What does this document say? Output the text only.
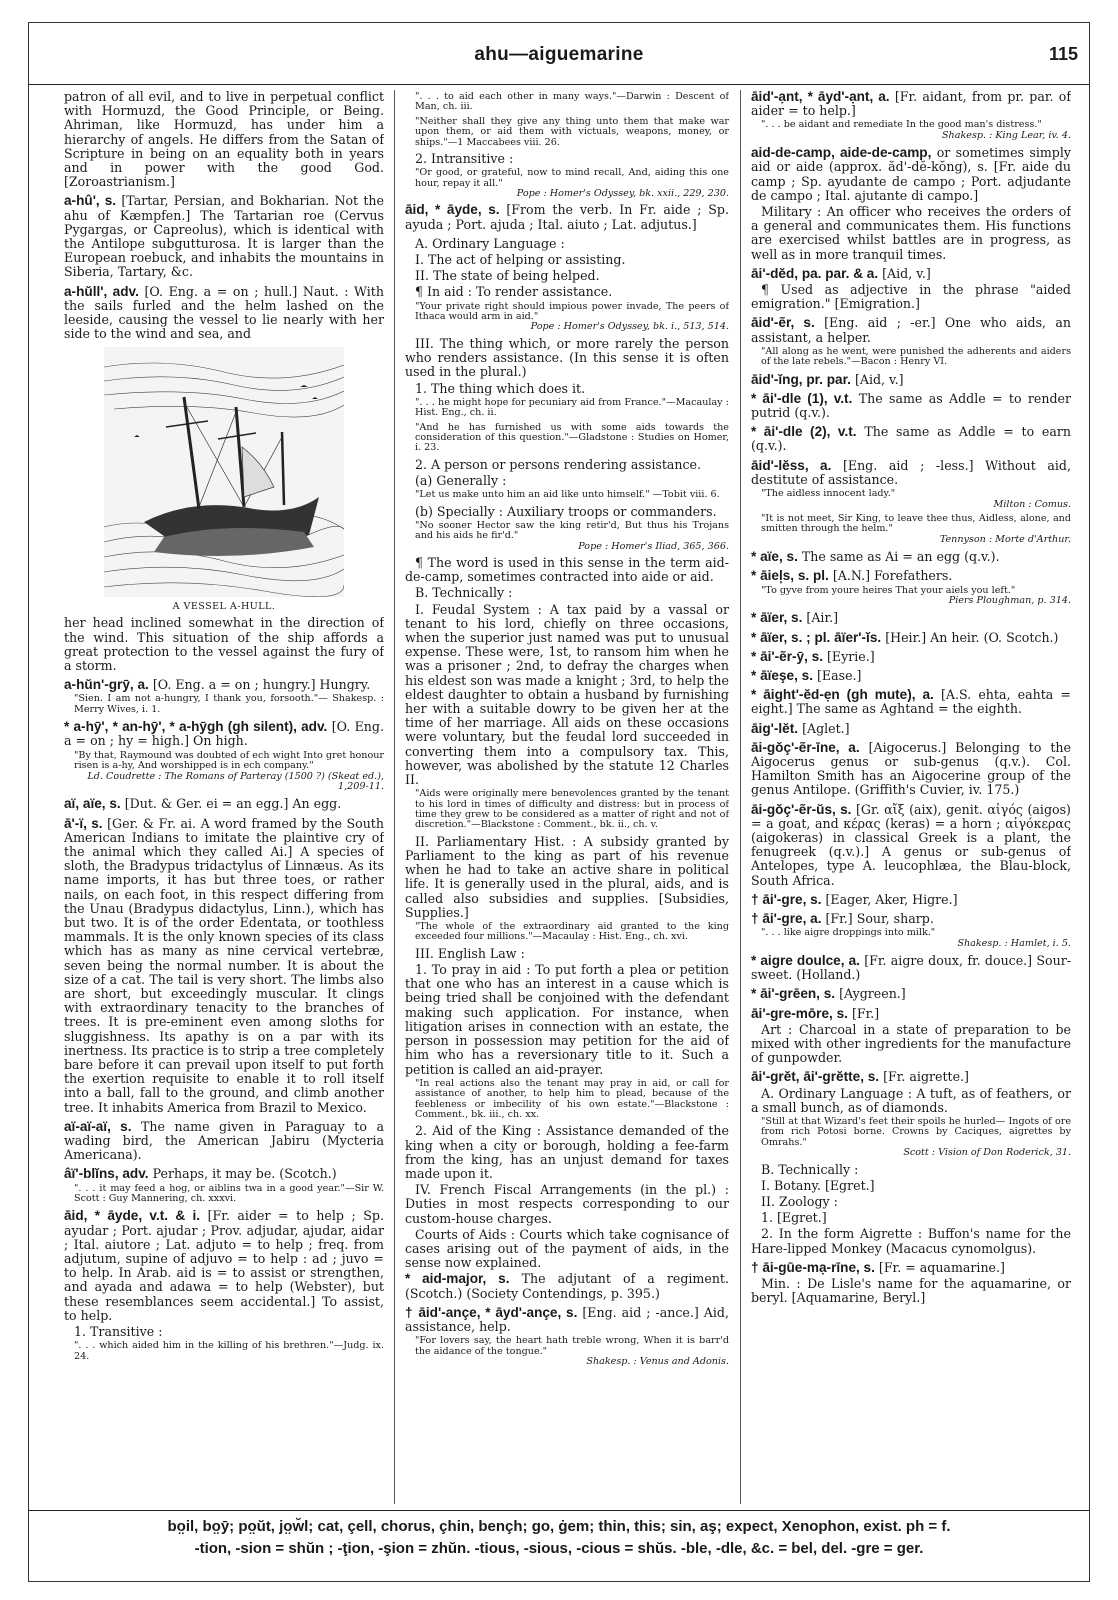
ahu—aiguemarine	115

patron of all evil, and to live in perpetual conflict with Hormuzd, the Good Principle, or Being. Ahriman, like Hormuzd, has under him a hierarchy of angels. He differs from the Satan of Scripture in being on an equality both in years and in power with the good God. [Zoroastrianism.]

a-hû', s. [Tartar, Persian, and Bokharian. Not the ahu of Kæmpfen.] The Tartarian roe (Cervus Pygargas, or Capreolus), which is identical with the Antilope subgutturosa. It is larger than the European roebuck, and inhabits the mountains in Siberia, Tartary, &c.
a-hŭll', adv. [O. Eng. a = on ; hull.] Naut. : With the sails furled and the helm lashed on the leeside, causing the vessel to lie nearly with her side to the wind and sea, and
A VESSEL A-HULL.

her head inclined somewhat in the direction of the wind. This situation of the ship affords a great protection to the vessel against the fury of a storm.

a-hŭn'-grȳ, a. [O. Eng. a = on ; hungry.] Hungry.
"Sien. I am not a-hungry, I thank you, forsooth."— Shakesp. : Merry Wives, i. 1.
* a-hȳ', * an-hȳ', * a-hȳgh (gh silent), adv. [O. Eng. a = on ; hy = high.] On high.
"By that, Raymound was doubted of ech wight Into gret honour risen is a-hy, And worshipped is in ech company."
Ld. Coudrette : The Romans of Parteray (1500 ?) (Skeat ed.), 1,209-11.
aï, aïe, s. [Dut. & Ger. ei = an egg.] An egg.
ā'-ï, s. [Ger. & Fr. ai. A word framed by the South American Indians to imitate the plaintive cry of the animal which they called Ai.] A species of sloth, the Bradypus tridactylus of Linnæus. As its name imports, it has but three toes, or rather nails, on each foot, in this respect differing from the Unau (Bradypus didactylus, Linn.), which has but two. It is of the order Edentata, or toothless mammals. It is the only known species of its class which has as many as nine cervical vertebræ, seven being the normal number. It is about the size of a cat. The tail is very short. The limbs also are short, but exceedingly muscular. It clings with extraordinary tenacity to the branches of trees. It is pre-eminent even among sloths for sluggishness. Its apathy is on a par with its inertness. Its practice is to strip a tree completely bare before it can prevail upon itself to put forth the exertion requisite to enable it to roll itself into a ball, fall to the ground, and climb another tree. It inhabits America from Brazil to Mexico.
aï-aï-aï, s. The name given in Paraguay to a wading bird, the American Jabiru (Mycteria Americana).
âï'-blĭns, adv. Perhaps, it may be. (Scotch.)
". . . it may feed a hog, or aiblins twa in a good year."—Sir W. Scott : Guy Mannering, ch. xxxvi.
āid, * āyde, v.t. & i. [Fr. aider = to help ; Sp. ayudar ; Port. ajudar ; Prov. adjudar, ajudar, aidar ; Ital. aiutore ; Lat. adjuto = to help ; freq. from adjutum, supine of adjuvo = to help : ad ; juvo = to help. In Arab. aid is = to assist or strengthen, and ayada and adawa = to help (Webster), but these resemblances seem accidental.] To assist, to help.
1. Transitive :
". . . which aided him in the killing of his brethren."—Judg. ix. 24.
". . . to aid each other in many ways."—Darwin : Descent of Man, ch. iii.
"Neither shall they give any thing unto them that make war upon them, or aid them with victuals, weapons, money, or ships."—1 Maccabees viii. 26.
2. Intransitive :
"Or good, or grateful, now to mind recall, And, aiding this one hour, repay it all."
Pope : Homer's Odyssey, bk. xxii., 229, 230.
āid, * āyde, s. [From the verb. In Fr. aide ; Sp. ayuda ; Port. ajuda ; Ital. aiuto ; Lat. adjutus.]
A. Ordinary Language :
I. The act of helping or assisting.
II. The state of being helped.
¶ In aid : To render assistance.
"Your private right should impious power invade, The peers of Ithaca would arm in aid."
Pope : Homer's Odyssey, bk. i., 513, 514.
III. The thing which, or more rarely the person who renders assistance. (In this sense it is often used in the plural.)
1. The thing which does it.
". . . he might hope for pecuniary aid from France."—Macaulay : Hist. Eng., ch. ii.
"And he has furnished us with some aids towards the consideration of this question."—Gladstone : Studies on Homer, i. 23.
2. A person or persons rendering assistance.
(a) Generally :
"Let us make unto him an aid like unto himself." —Tobit viii. 6.
(b) Specially : Auxiliary troops or commanders.
"No sooner Hector saw the king retir'd, But thus his Trojans and his aids he fir'd."
Pope : Homer's Iliad, 365, 366.
¶ The word is used in this sense in the term aid-de-camp, sometimes contracted into aide or aid.
B. Technically :
I. Feudal System : A tax paid by a vassal or tenant to his lord, chiefly on three occasions, when the superior just named was put to unusual expense. These were, 1st, to ransom him when he was a prisoner ; 2nd, to defray the charges when his eldest son was made a knight ; 3rd, to help the eldest daughter to obtain a husband by furnishing her with a suitable dowry to be given her at the time of her marriage. All aids on these occasions were voluntary, but the feudal lord succeeded in converting them into a compulsory tax. This, however, was abolished by the statute 12 Charles II.
"Aids were originally mere benevolences granted by the tenant to his lord in times of difficulty and distress: but in process of time they grew to be considered as a matter of right and not of discretion."—Blackstone : Comment., bk. ii., ch. v.
II. Parliamentary Hist. : A subsidy granted by Parliament to the king as part of his revenue when he had to take an active share in political life. It is generally used in the plural, aids, and is called also subsidies and supplies. [Subsidies, Supplies.]
"The whole of the extraordinary aid granted to the king exceeded four millions."—Macaulay : Hist. Eng., ch. xvi.
III. English Law :
1. To pray in aid : To put forth a plea or petition that one who has an interest in a cause which is being tried shall be conjoined with the defendant making such application. For instance, when litigation arises in connection with an estate, the person in possession may petition for the aid of him who has a reversionary title to it. Such a petition is called an aid-prayer.
"In real actions also the tenant may pray in aid, or call for assistance of another, to help him to plead, because of the feebleness or imbecility of his own estate."—Blackstone : Comment., bk. iii., ch. xx.
2. Aid of the King : Assistance demanded of the king when a city or borough, holding a fee-farm from the king, has an unjust demand for taxes made upon it.
IV. French Fiscal Arrangements (in the pl.) : Duties in most respects corresponding to our custom-house charges.
Courts of Aids : Courts which take cognisance of cases arising out of the payment of aids, in the sense now explained.
* aid-major, s. The adjutant of a regiment. (Scotch.) (Society Contendings, p. 395.)
† āid'-ançe, * āyd'-ançe, s. [Eng. aid ; -ance.] Aid, assistance, help.
"For lovers say, the heart hath treble wrong, When it is barr'd the aidance of the tongue."
Shakesp. : Venus and Adonis.
āid'-ạnt, * āyd'-ạnt, a. [Fr. aidant, from pr. par. of aider = to help.]
". . . be aidant and remediate In the good man's distress."
Shakesp. : King Lear, iv. 4.
aid-de-camp, aide-de-camp, or sometimes simply aid or aide (approx. ăd'-dĕ-kŏng), s. [Fr. aide du camp ; Sp. ayudante de campo ; Port. adjudante de campo ; Ital. ajutante di campo.]
Military : An officer who receives the orders of a general and communicates them. His functions are exercised whilst battles are in progress, as well as in more tranquil times.
āi'-dĕd, pa. par. & a. [Aid, v.]
¶ Used as adjective in the phrase "aided emigration." [Emigration.]
āid'-ẽr, s. [Eng. aid ; -er.] One who aids, an assistant, a helper.
"All along as he went, were punished the adherents and aiders of the late rebels."—Bacon : Henry VI.
āid'-ĭng, pr. par. [Aid, v.]
* āi'-dle (1), v.t. The same as Addle = to render putrid (q.v.).
* āi'-dle (2), v.t. The same as Addle = to earn (q.v.).
āid'-lĕss, a. [Eng. aid ; -less.] Without aid, destitute of assistance.
"The aidless innocent lady."
Milton : Comus.
"It is not meet, Sir King, to leave thee thus, Aidless, alone, and smitten through the helm."
Tennyson : Morte d'Arthur.
* aïe, s. The same as Ai = an egg (q.v.).
* āiel̦s, s. pl. [A.N.] Forefathers.
"To gyve from youre heires That your aiels you left."
Piers Ploughman, p. 314.
* āïer, s. [Air.]
* āïer, s. ; pl. āïer'-ĭs. [Heir.] An heir. (O. Scotch.)
* āi'-ẽr-ȳ, s. [Eyrie.]
* āïeşe, s. [Ease.]
* āight'-ĕd-ẹn (gh mute), a. [A.S. ehta, eahta = eight.] The same as Aghtand = the eighth.
āig'-lĕt. [Aglet.]
āi-gŏç'-ẽr-īne, a. [Aigocerus.] Belonging to the Aigocerus genus or sub-genus (q.v.). Col. Hamilton Smith has an Aigocerine group of the genus Antilope. (Griffith's Cuvier, iv. 175.)
āi-gŏç'-ẽr-ŭs, s. [Gr. αἴξ (aix), genit. αἰγός (aigos) = a goat, and κέρας (keras) = a horn ; αἰγόκερας (aigokeras) in classical Greek is a plant, the fenugreek (q.v.).] A genus or sub-genus of Antelopes, type A. leucophlæa, the Blau-block, South Africa.
† āi'-gre, s. [Eager, Aker, Higre.]
† āi'-gre, a. [Fr.] Sour, sharp.
". . . like aigre droppings into milk."
Shakesp. : Hamlet, i. 5.
* aigre doulce, a. [Fr. aigre doux, fr. douce.] Sour-sweet. (Holland.)
* āi'-grēen, s. [Aygreen.]
āi'-gre-mōre, s. [Fr.]
Art : Charcoal in a state of preparation to be mixed with other ingredients for the manufacture of gunpowder.
āi'-grĕt, āi'-grĕtte, s. [Fr. aigrette.]
A. Ordinary Language : A tuft, as of feathers, or a small bunch, as of diamonds.
"Still at that Wizard's feet their spoils he hurled— Ingots of ore from rich Potosi borne. Crowns by Caciques, aigrettes by Omrahs."
Scott : Vision of Don Roderick, 31.
B. Technically :
I. Botany. [Egret.]
II. Zoology :
1. [Egret.]
2. In the form Aigrette : Buffon's name for the Hare-lipped Monkey (Macacus cynomolgus).
† āi-gūe-mạ-rīne, s. [Fr. = aquamarine.]
Min. : De Lisle's name for the aquamarine, or beryl. [Aquamarine, Beryl.]
bo̤il, bo̤ȳ; po̤ŭt, jo̤w̆l; cat, çell, chorus, çhin, bençh; go, ġem; thin, this; sin, aş; expect, Xenophon, exist. ph = f.
-tion, -sion = shŭn ; -ţion, -şion = zhŭn. -tious, -sious, -cious = shŭs. -ble, -dle, &c. = bel, del. -gre = ger.
